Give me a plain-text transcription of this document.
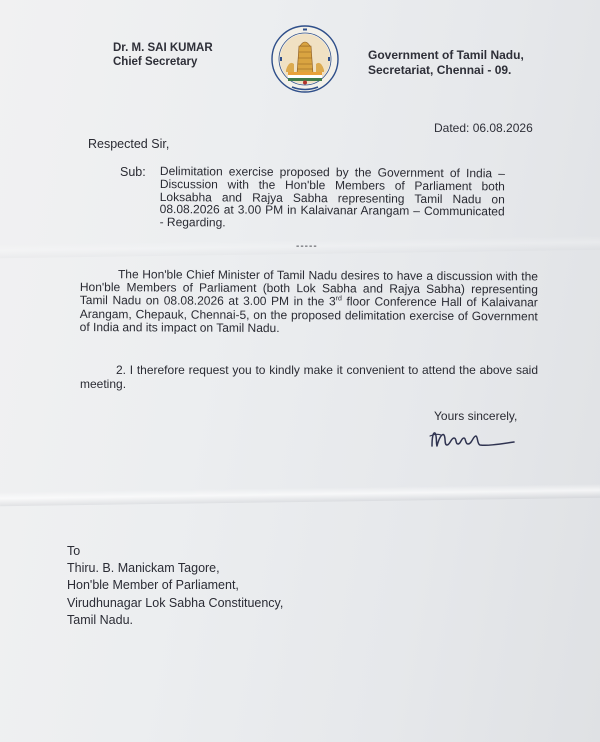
Dr. M. SAI KUMAR
Chief Secretary	Government of Tamil Nadu,
Secretariat, Chennai - 09.
Dated: 06.08.2026
Respected Sir,
Sub: Delimitation exercise proposed by the Government of India – Discussion with the Hon'ble Members of Parliament both Loksabha and Rajya Sabha representing Tamil Nadu on 08.08.2026 at 3.00 PM in Kalaivanar Arangam – Communicated - Regarding.
-----
The Hon'ble Chief Minister of Tamil Nadu desires to have a discussion with the Hon'ble Members of Parliament (both Lok Sabha and Rajya Sabha) representing Tamil Nadu on 08.08.2026 at 3.00 PM in the 3rd floor Conference Hall of Kalaivanar Arangam, Chepauk, Chennai-5, on the proposed delimitation exercise of Government of India and its impact on Tamil Nadu.
2. I therefore request you to kindly make it convenient to attend the above said meeting.
Yours sincerely,
To
Thiru. B. Manickam Tagore,
Hon'ble Member of Parliament,
Virudhunagar Lok Sabha Constituency,
Tamil Nadu.
